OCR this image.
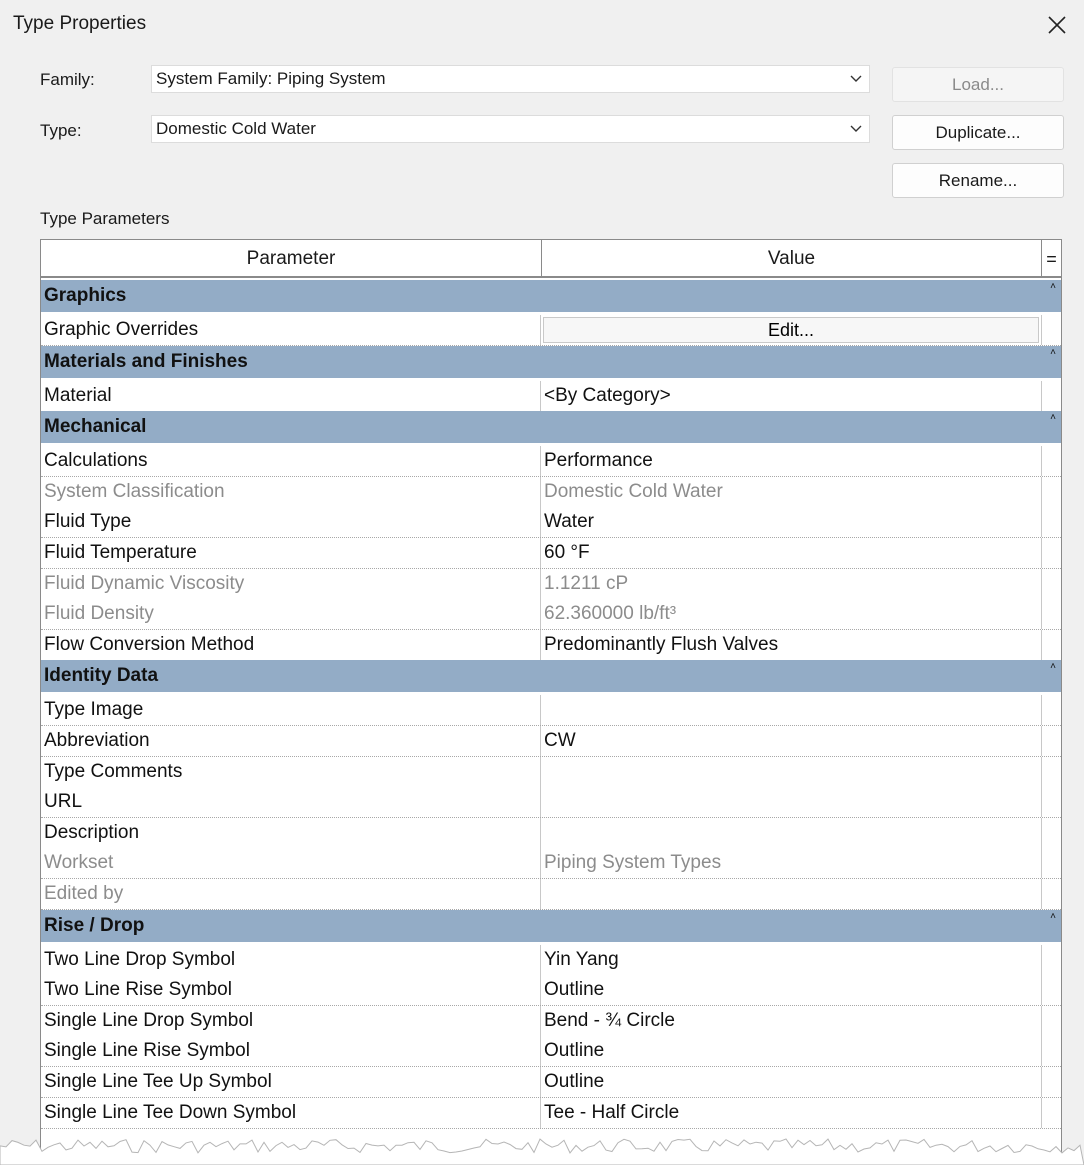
Type Properties
Family:	System Family: Piping System	Load...
Type:	Domestic Cold Water	Duplicate...
Rename...
Type Parameters
Parameter	Value	=
Graphics	˄
Graphic Overrides	Edit...
Materials and Finishes	˄
Material	<By Category>
Mechanical	˄
Calculations	Performance
System Classification	Domestic Cold Water
Fluid Type	Water
Fluid Temperature	60 °F
Fluid Dynamic Viscosity	1.1211 cP
Fluid Density	62.360000 lb/ft³
Flow Conversion Method	Predominantly Flush Valves
Identity Data	˄
Type Image
Abbreviation	CW
Type Comments
URL
Description
Workset	Piping System Types
Edited by
Rise / Drop	˄
Two Line Drop Symbol	Yin Yang
Two Line Rise Symbol	Outline
Single Line Drop Symbol	Bend - ¾ Circle
Single Line Rise Symbol	Outline
Single Line Tee Up Symbol	Outline
Single Line Tee Down Symbol	Tee - Half Circle
